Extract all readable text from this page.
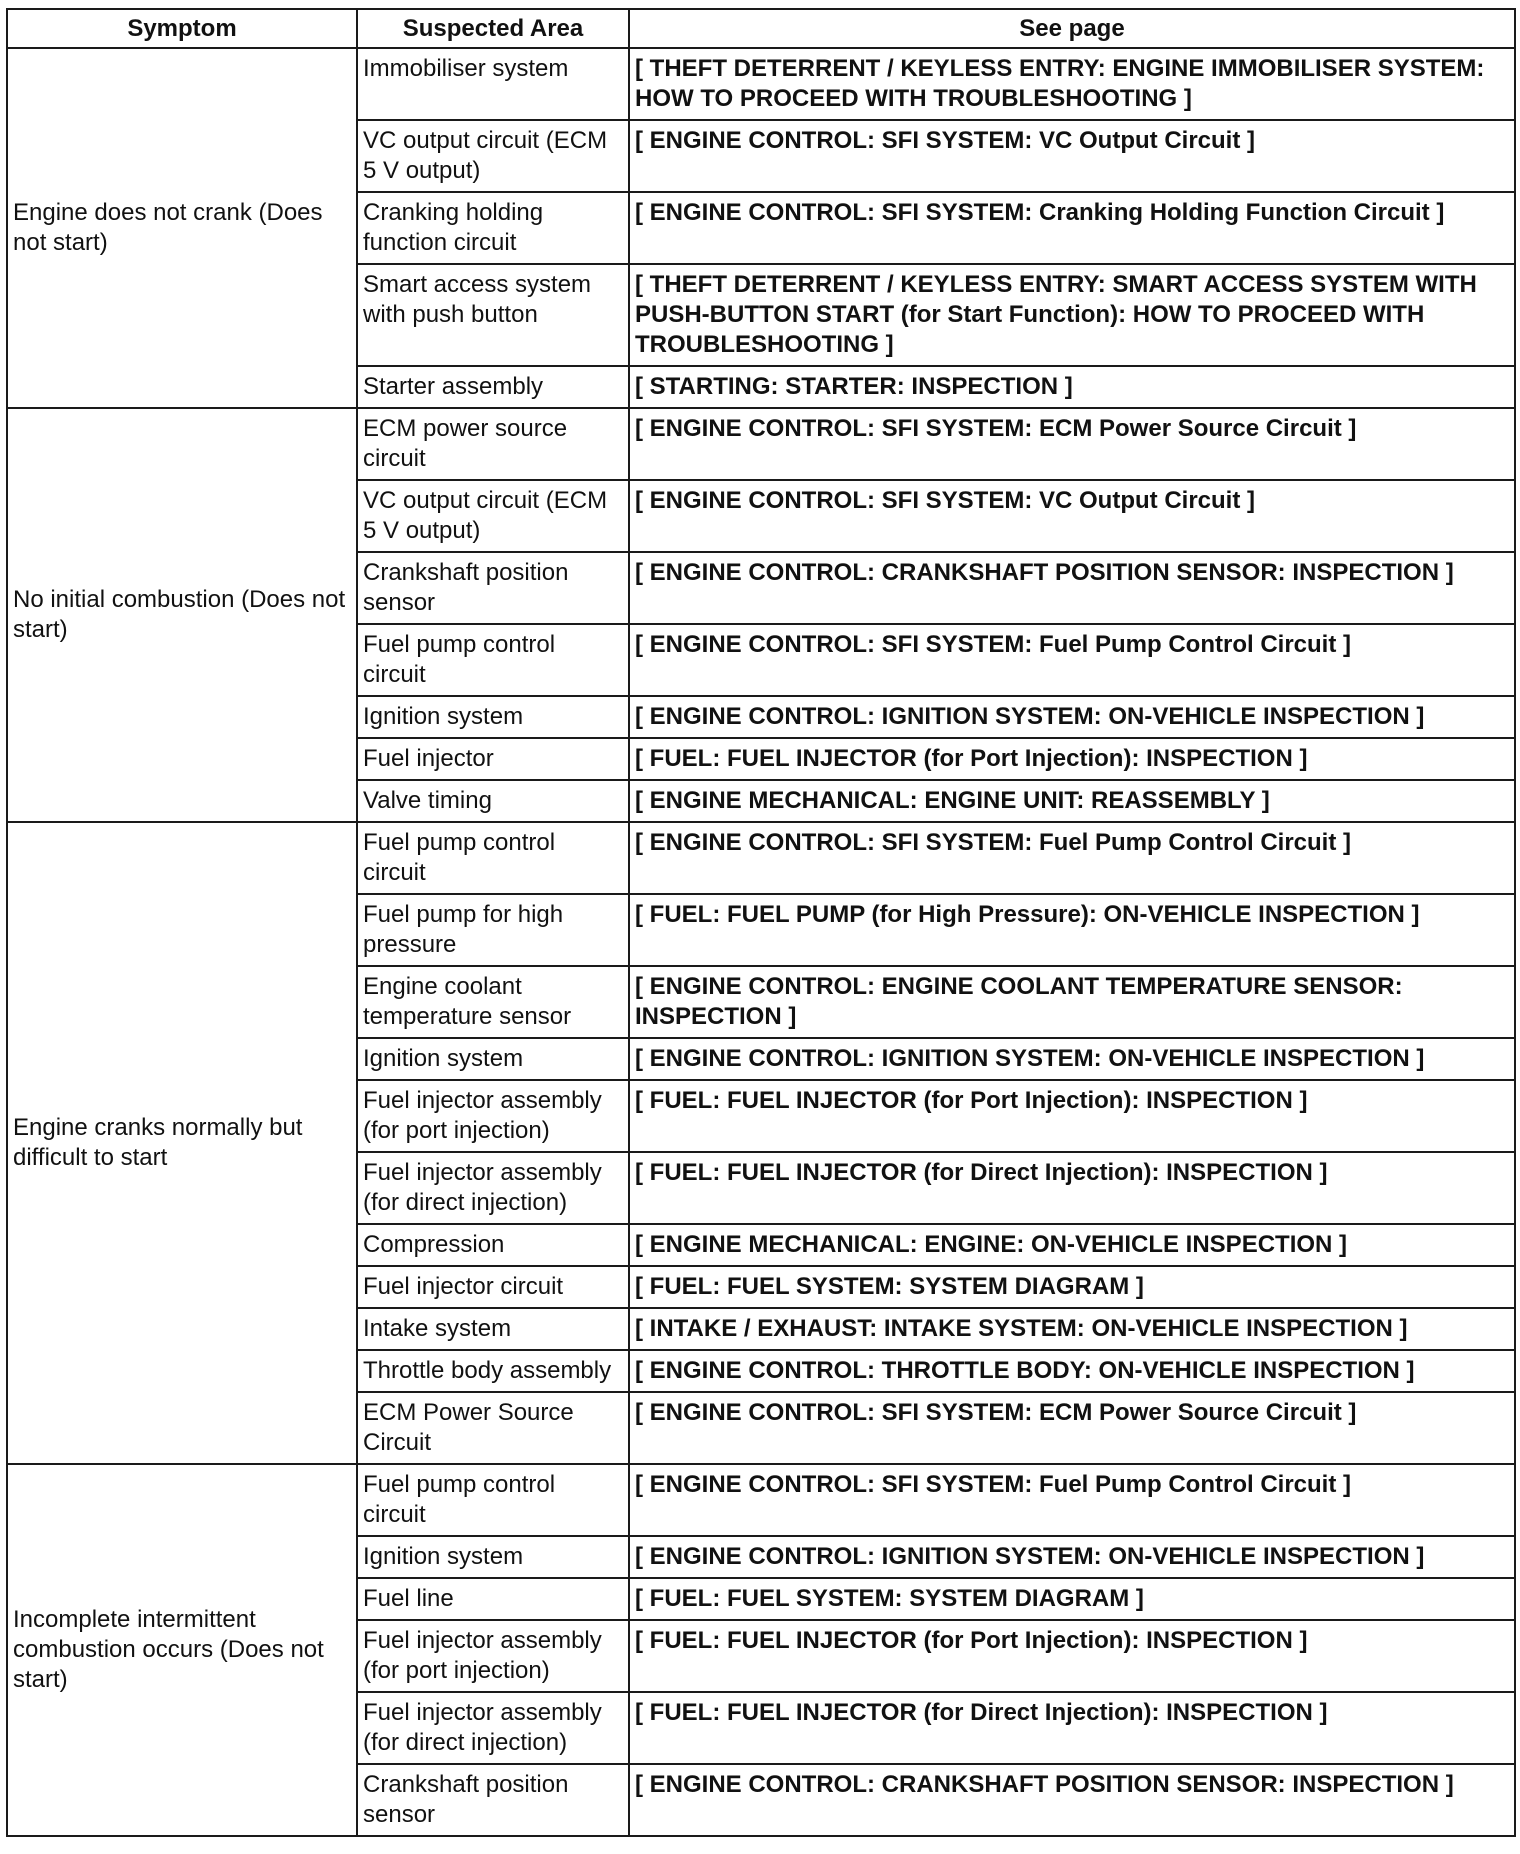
Symptom	Suspected Area	See page
Engine does not crank (Does not start)	Immobiliser system	[ THEFT DETERRENT / KEYLESS ENTRY: ENGINE IMMOBILISER SYSTEM: HOW TO PROCEED WITH TROUBLESHOOTING ]
	VC output circuit (ECM 5 V output)	[ ENGINE CONTROL: SFI SYSTEM: VC Output Circuit ]
	Cranking holding function circuit	[ ENGINE CONTROL: SFI SYSTEM: Cranking Holding Function Circuit ]
	Smart access system with push button	[ THEFT DETERRENT / KEYLESS ENTRY: SMART ACCESS SYSTEM WITH PUSH-BUTTON START (for Start Function): HOW TO PROCEED WITH TROUBLESHOOTING ]
	Starter assembly	[ STARTING: STARTER: INSPECTION ]
No initial combustion (Does not start)	ECM power source circuit	[ ENGINE CONTROL: SFI SYSTEM: ECM Power Source Circuit ]
	VC output circuit (ECM 5 V output)	[ ENGINE CONTROL: SFI SYSTEM: VC Output Circuit ]
	Crankshaft position sensor	[ ENGINE CONTROL: CRANKSHAFT POSITION SENSOR: INSPECTION ]
	Fuel pump control circuit	[ ENGINE CONTROL: SFI SYSTEM: Fuel Pump Control Circuit ]
	Ignition system	[ ENGINE CONTROL: IGNITION SYSTEM: ON-VEHICLE INSPECTION ]
	Fuel injector	[ FUEL: FUEL INJECTOR (for Port Injection): INSPECTION ]
	Valve timing	[ ENGINE MECHANICAL: ENGINE UNIT: REASSEMBLY ]
Engine cranks normally but difficult to start	Fuel pump control circuit	[ ENGINE CONTROL: SFI SYSTEM: Fuel Pump Control Circuit ]
	Fuel pump for high pressure	[ FUEL: FUEL PUMP (for High Pressure): ON-VEHICLE INSPECTION ]
	Engine coolant temperature sensor	[ ENGINE CONTROL: ENGINE COOLANT TEMPERATURE SENSOR: INSPECTION ]
	Ignition system	[ ENGINE CONTROL: IGNITION SYSTEM: ON-VEHICLE INSPECTION ]
	Fuel injector assembly (for port injection)	[ FUEL: FUEL INJECTOR (for Port Injection): INSPECTION ]
	Fuel injector assembly (for direct injection)	[ FUEL: FUEL INJECTOR (for Direct Injection): INSPECTION ]
	Compression	[ ENGINE MECHANICAL: ENGINE: ON-VEHICLE INSPECTION ]
	Fuel injector circuit	[ FUEL: FUEL SYSTEM: SYSTEM DIAGRAM ]
	Intake system	[ INTAKE / EXHAUST: INTAKE SYSTEM: ON-VEHICLE INSPECTION ]
	Throttle body assembly	[ ENGINE CONTROL: THROTTLE BODY: ON-VEHICLE INSPECTION ]
	ECM Power Source Circuit	[ ENGINE CONTROL: SFI SYSTEM: ECM Power Source Circuit ]
Incomplete intermittent combustion occurs (Does not start)	Fuel pump control circuit	[ ENGINE CONTROL: SFI SYSTEM: Fuel Pump Control Circuit ]
	Ignition system	[ ENGINE CONTROL: IGNITION SYSTEM: ON-VEHICLE INSPECTION ]
	Fuel line	[ FUEL: FUEL SYSTEM: SYSTEM DIAGRAM ]
	Fuel injector assembly (for port injection)	[ FUEL: FUEL INJECTOR (for Port Injection): INSPECTION ]
	Fuel injector assembly (for direct injection)	[ FUEL: FUEL INJECTOR (for Direct Injection): INSPECTION ]
	Crankshaft position sensor	[ ENGINE CONTROL: CRANKSHAFT POSITION SENSOR: INSPECTION ]
